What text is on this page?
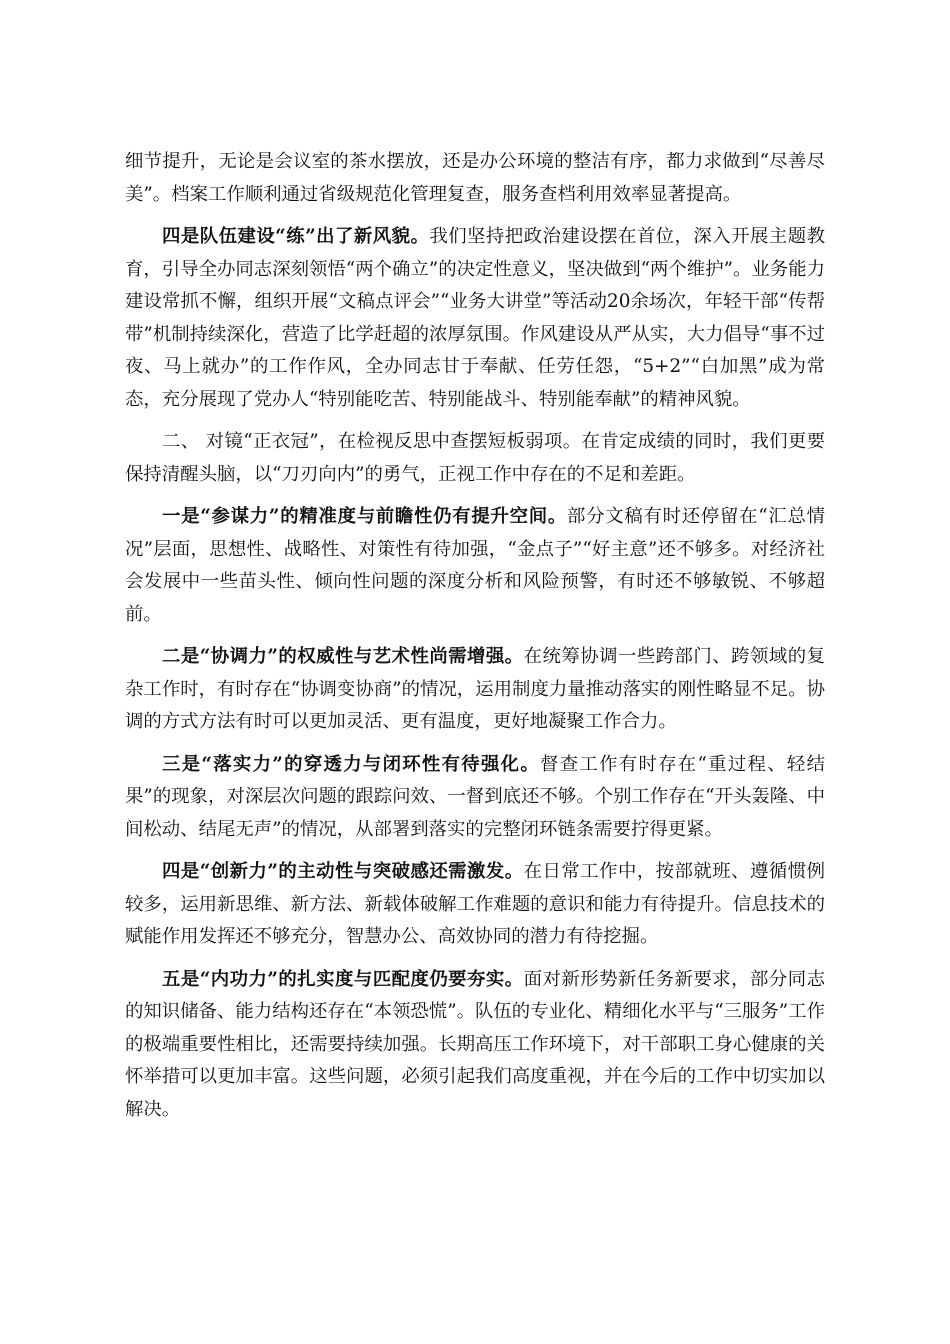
细节提升，无论是会议室的茶水摆放，还是办公环境的整洁有序，都力求做到“尽善尽美”。档案工作顺利通过省级规范化管理复查，服务查档利用效率显著提高。

四是队伍建设“练”出了新风貌。我们坚持把政治建设摆在首位，深入开展主题教育，引导全办同志深刻领悟“两个确立”的决定性意义，坚决做到“两个维护”。业务能力建设常抓不懈，组织开展“文稿点评会”“业务大讲堂”等活动20余场次，年轻干部“传帮带”机制持续深化，营造了比学赶超的浓厚氛围。作风建设从严从实，大力倡导“事不过夜、马上就办”的工作作风，全办同志甘于奉献、任劳任怨，“5+2”“白加黑”成为常态，充分展现了党办人“特别能吃苦、特别能战斗、特别能奉献”的精神风貌。

二、 对镜“正衣冠”，在检视反思中查摆短板弱项。在肯定成绩的同时，我们更要保持清醒头脑，以“刀刃向内”的勇气，正视工作中存在的不足和差距。

一是“参谋力”的精准度与前瞻性仍有提升空间。部分文稿有时还停留在“汇总情况”层面，思想性、战略性、对策性有待加强，“金点子”“好主意”还不够多。对经济社会发展中一些苗头性、倾向性问题的深度分析和风险预警，有时还不够敏锐、不够超前。

二是“协调力”的权威性与艺术性尚需增强。在统筹协调一些跨部门、跨领域的复杂工作时，有时存在“协调变协商”的情况，运用制度力量推动落实的刚性略显不足。协调的方式方法有时可以更加灵活、更有温度，更好地凝聚工作合力。

三是“落实力”的穿透力与闭环性有待强化。督查工作有时存在“重过程、轻结果”的现象，对深层次问题的跟踪问效、一督到底还不够。个别工作存在“开头轰隆、中间松动、结尾无声”的情况，从部署到落实的完整闭环链条需要拧得更紧。

四是“创新力”的主动性与突破感还需激发。在日常工作中，按部就班、遵循惯例较多，运用新思维、新方法、新载体破解工作难题的意识和能力有待提升。信息技术的赋能作用发挥还不够充分，智慧办公、高效协同的潜力有待挖掘。

五是“内功力”的扎实度与匹配度仍要夯实。面对新形势新任务新要求，部分同志的知识储备、能力结构还存在“本领恐慌”。队伍的专业化、精细化水平与“三服务”工作的极端重要性相比，还需要持续加强。长期高压工作环境下，对干部职工身心健康的关怀举措可以更加丰富。这些问题，必须引起我们高度重视，并在今后的工作中切实加以解决。
